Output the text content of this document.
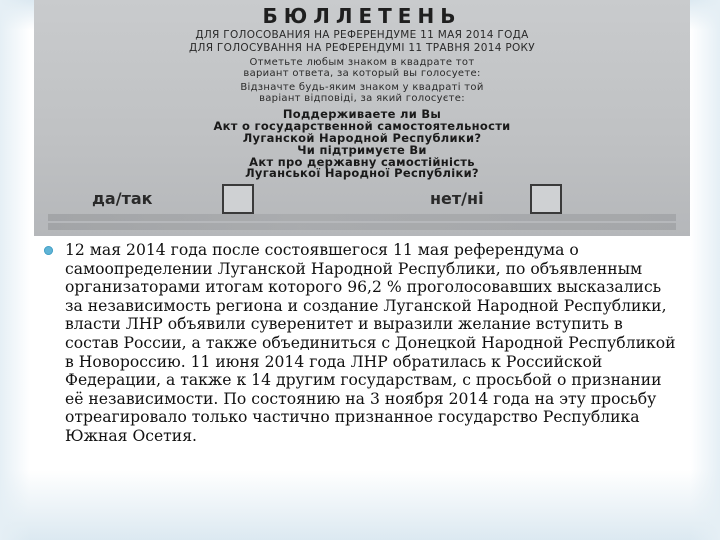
БЮЛЛЕТЕНЬ
ДЛЯ ГОЛОСОВАНИЯ НА РЕФЕРЕНДУМЕ 11 МАЯ 2014 ГОДА
ДЛЯ ГОЛОСУВАННЯ НА РЕФЕРЕНДУМІ 11 ТРАВНЯ 2014 РОКУ
Отметьте любым знаком в квадрате тот
вариант ответа, за который вы голосуете:
Відзначте будь-яким знаком у квадраті той
варіант відповіді, за який голосуєте:
Поддерживаете ли Вы
Акт о государственной самостоятельности
Луганской Народной Республики?
Чи підтримуєте Ви
Акт про державну самостійність
Луганської Народної Республіки?
да/так	нет/ні

12 мая 2014 года после состоявшегося 11 мая референдума о самоопределении Луганской Народной Республики, по объявленным организаторами итогам которого 96,2 % проголосовавших высказались за независимость региона и создание Луганской Народной Республики, власти ЛНР объявили суверенитет и выразили желание вступить в состав России, а также объединиться с Донецкой Народной Республикой в Новороссию. 11 июня 2014 года ЛНР обратилась к Российской Федерации, а также к 14 другим государствам, с просьбой о признании её независимости. По состоянию на 3 ноября 2014 года на эту просьбу отреагировало только частично признанное государство Республика Южная Осетия.
